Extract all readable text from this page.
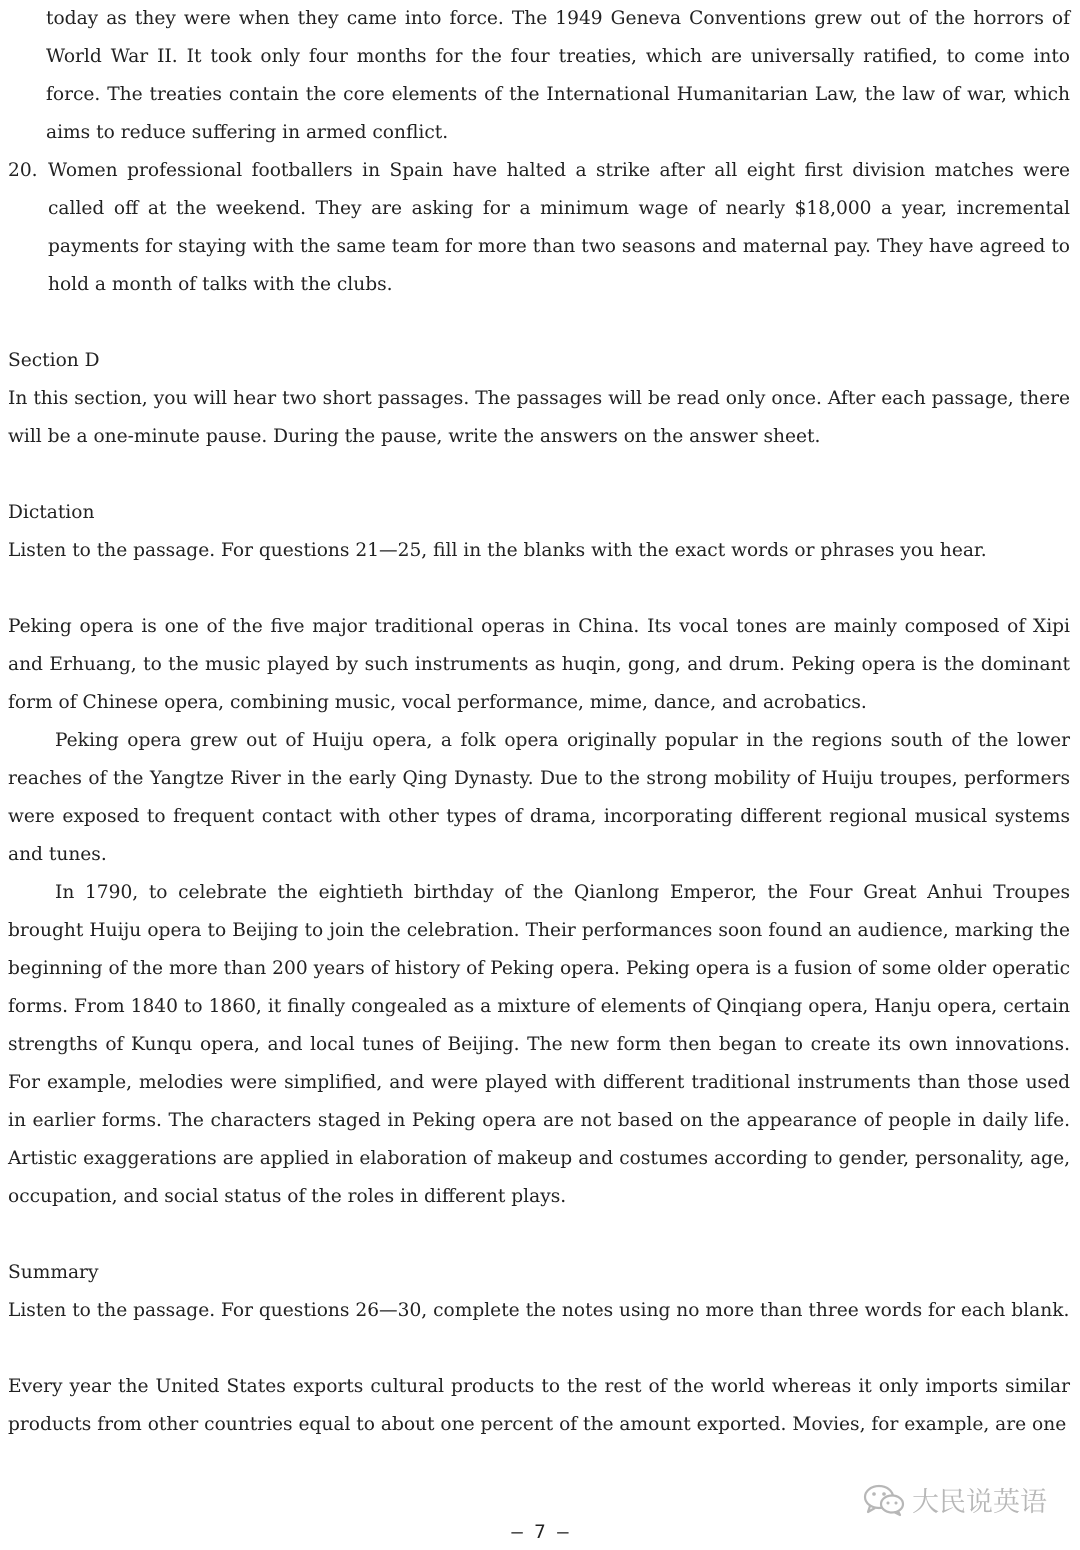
today as they were when they came into force. The 1949 Geneva Conventions grew out of the horrors of World War II. It took only four months for the four treaties, which are universally ratified, to come into force. The treaties contain the core elements of the International Humanitarian Law, the law of war, which aims to reduce suffering in armed conflict.

20. Women professional footballers in Spain have halted a strike after all eight first division matches were called off at the weekend. They are asking for a minimum wage of nearly $18,000 a year, incremental payments for staying with the same team for more than two seasons and maternal pay. They have agreed to hold a month of talks with the clubs.

Section D

In this section, you will hear two short passages. The passages will be read only once. After each passage, there will be a one-minute pause. During the pause, write the answers on the answer sheet.

Dictation

Listen to the passage. For questions 21—25, fill in the blanks with the exact words or phrases you hear.

Peking opera is one of the five major traditional operas in China. Its vocal tones are mainly composed of Xipi and Erhuang, to the music played by such instruments as huqin, gong, and drum. Peking opera is the dominant form of Chinese opera, combining music, vocal performance, mime, dance, and acrobatics.

Peking opera grew out of Huiju opera, a folk opera originally popular in the regions south of the lower reaches of the Yangtze River in the early Qing Dynasty. Due to the strong mobility of Huiju troupes, performers were exposed to frequent contact with other types of drama, incorporating different regional musical systems and tunes.

In 1790, to celebrate the eightieth birthday of the Qianlong Emperor, the Four Great Anhui Troupes brought Huiju opera to Beijing to join the celebration. Their performances soon found an audience, marking the beginning of the more than 200 years of history of Peking opera. Peking opera is a fusion of some older operatic forms. From 1840 to 1860, it finally congealed as a mixture of elements of Qinqiang opera, Hanju opera, certain strengths of Kunqu opera, and local tunes of Beijing. The new form then began to create its own innovations. For example, melodies were simplified, and were played with different traditional instruments than those used in earlier forms. The characters staged in Peking opera are not based on the appearance of people in daily life. Artistic exaggerations are applied in elaboration of makeup and costumes according to gender, personality, age, occupation, and social status of the roles in different plays.

Summary

Listen to the passage. For questions 26—30, complete the notes using no more than three words for each blank.

Every year the United States exports cultural products to the rest of the world whereas it only imports similar products from other countries equal to about one percent of the amount exported. Movies, for example, are one

大民说英语
– 7 –
